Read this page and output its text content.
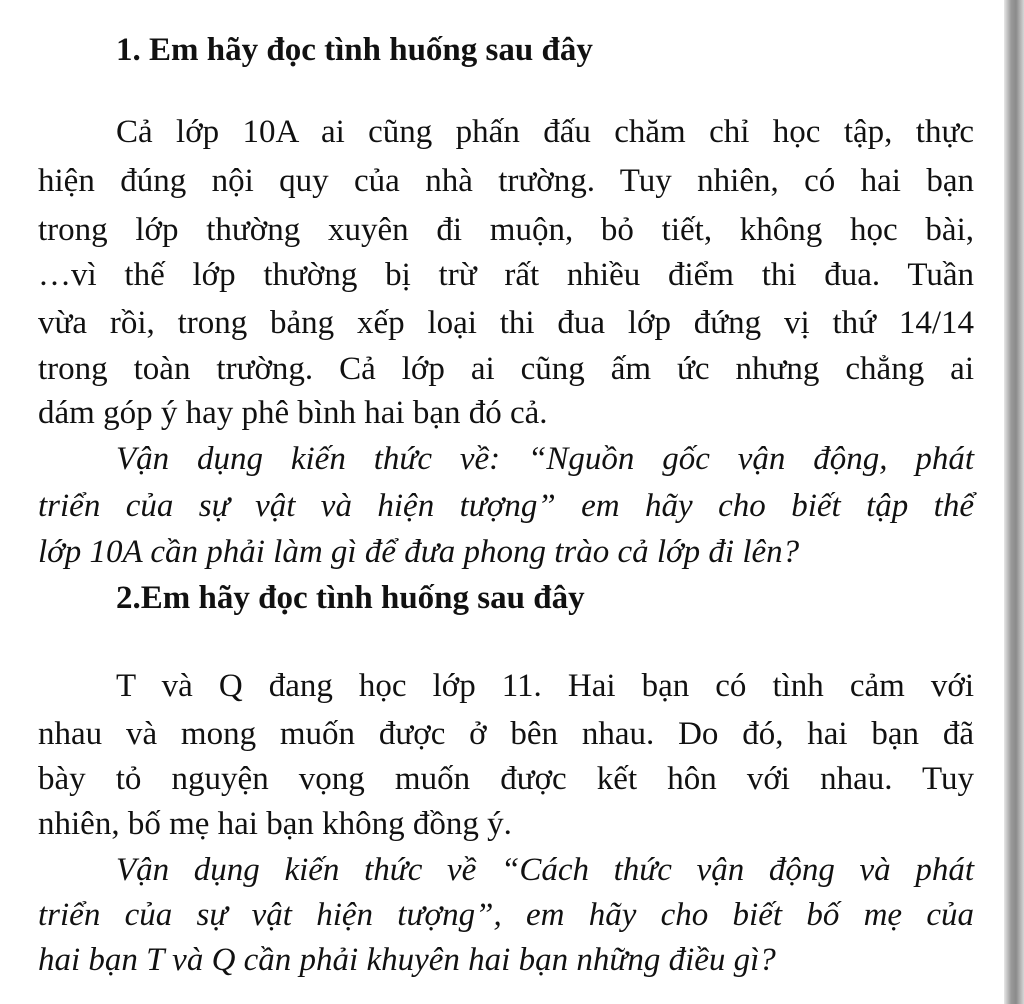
1. Em hãy đọc tình huống sau đây

Cả lớp 10A ai cũng phấn đấu chăm chỉ học tập, thực

hiện đúng nội quy của nhà trường. Tuy nhiên, có hai bạn

trong lớp thường xuyên đi muộn, bỏ tiết, không học bài,

…vì thế lớp thường bị trừ rất nhiều điểm thi đua. Tuần

vừa rồi, trong bảng xếp loại thi đua lớp đứng vị thứ 14/14

trong toàn trường. Cả lớp ai cũng ấm ức nhưng chẳng ai

dám góp ý hay phê bình hai bạn đó cả.

Vận dụng kiến thức về: “Nguồn gốc vận động, phát

triển của sự vật và hiện tượng” em hãy cho biết tập thể

lớp 10A cần phải làm gì để đưa phong trào cả lớp đi lên?

2.Em hãy đọc tình huống sau đây

T và Q đang học lớp 11. Hai bạn có tình cảm với

nhau và mong muốn được ở bên nhau. Do đó, hai bạn đã

bày tỏ nguyện vọng muốn được kết hôn với nhau. Tuy

nhiên, bố mẹ hai bạn không đồng ý.

Vận dụng kiến thức về “Cách thức vận động và phát

triển của sự vật hiện tượng”, em hãy cho biết bố mẹ của

hai bạn T và Q cần phải khuyên hai bạn những điều gì?
